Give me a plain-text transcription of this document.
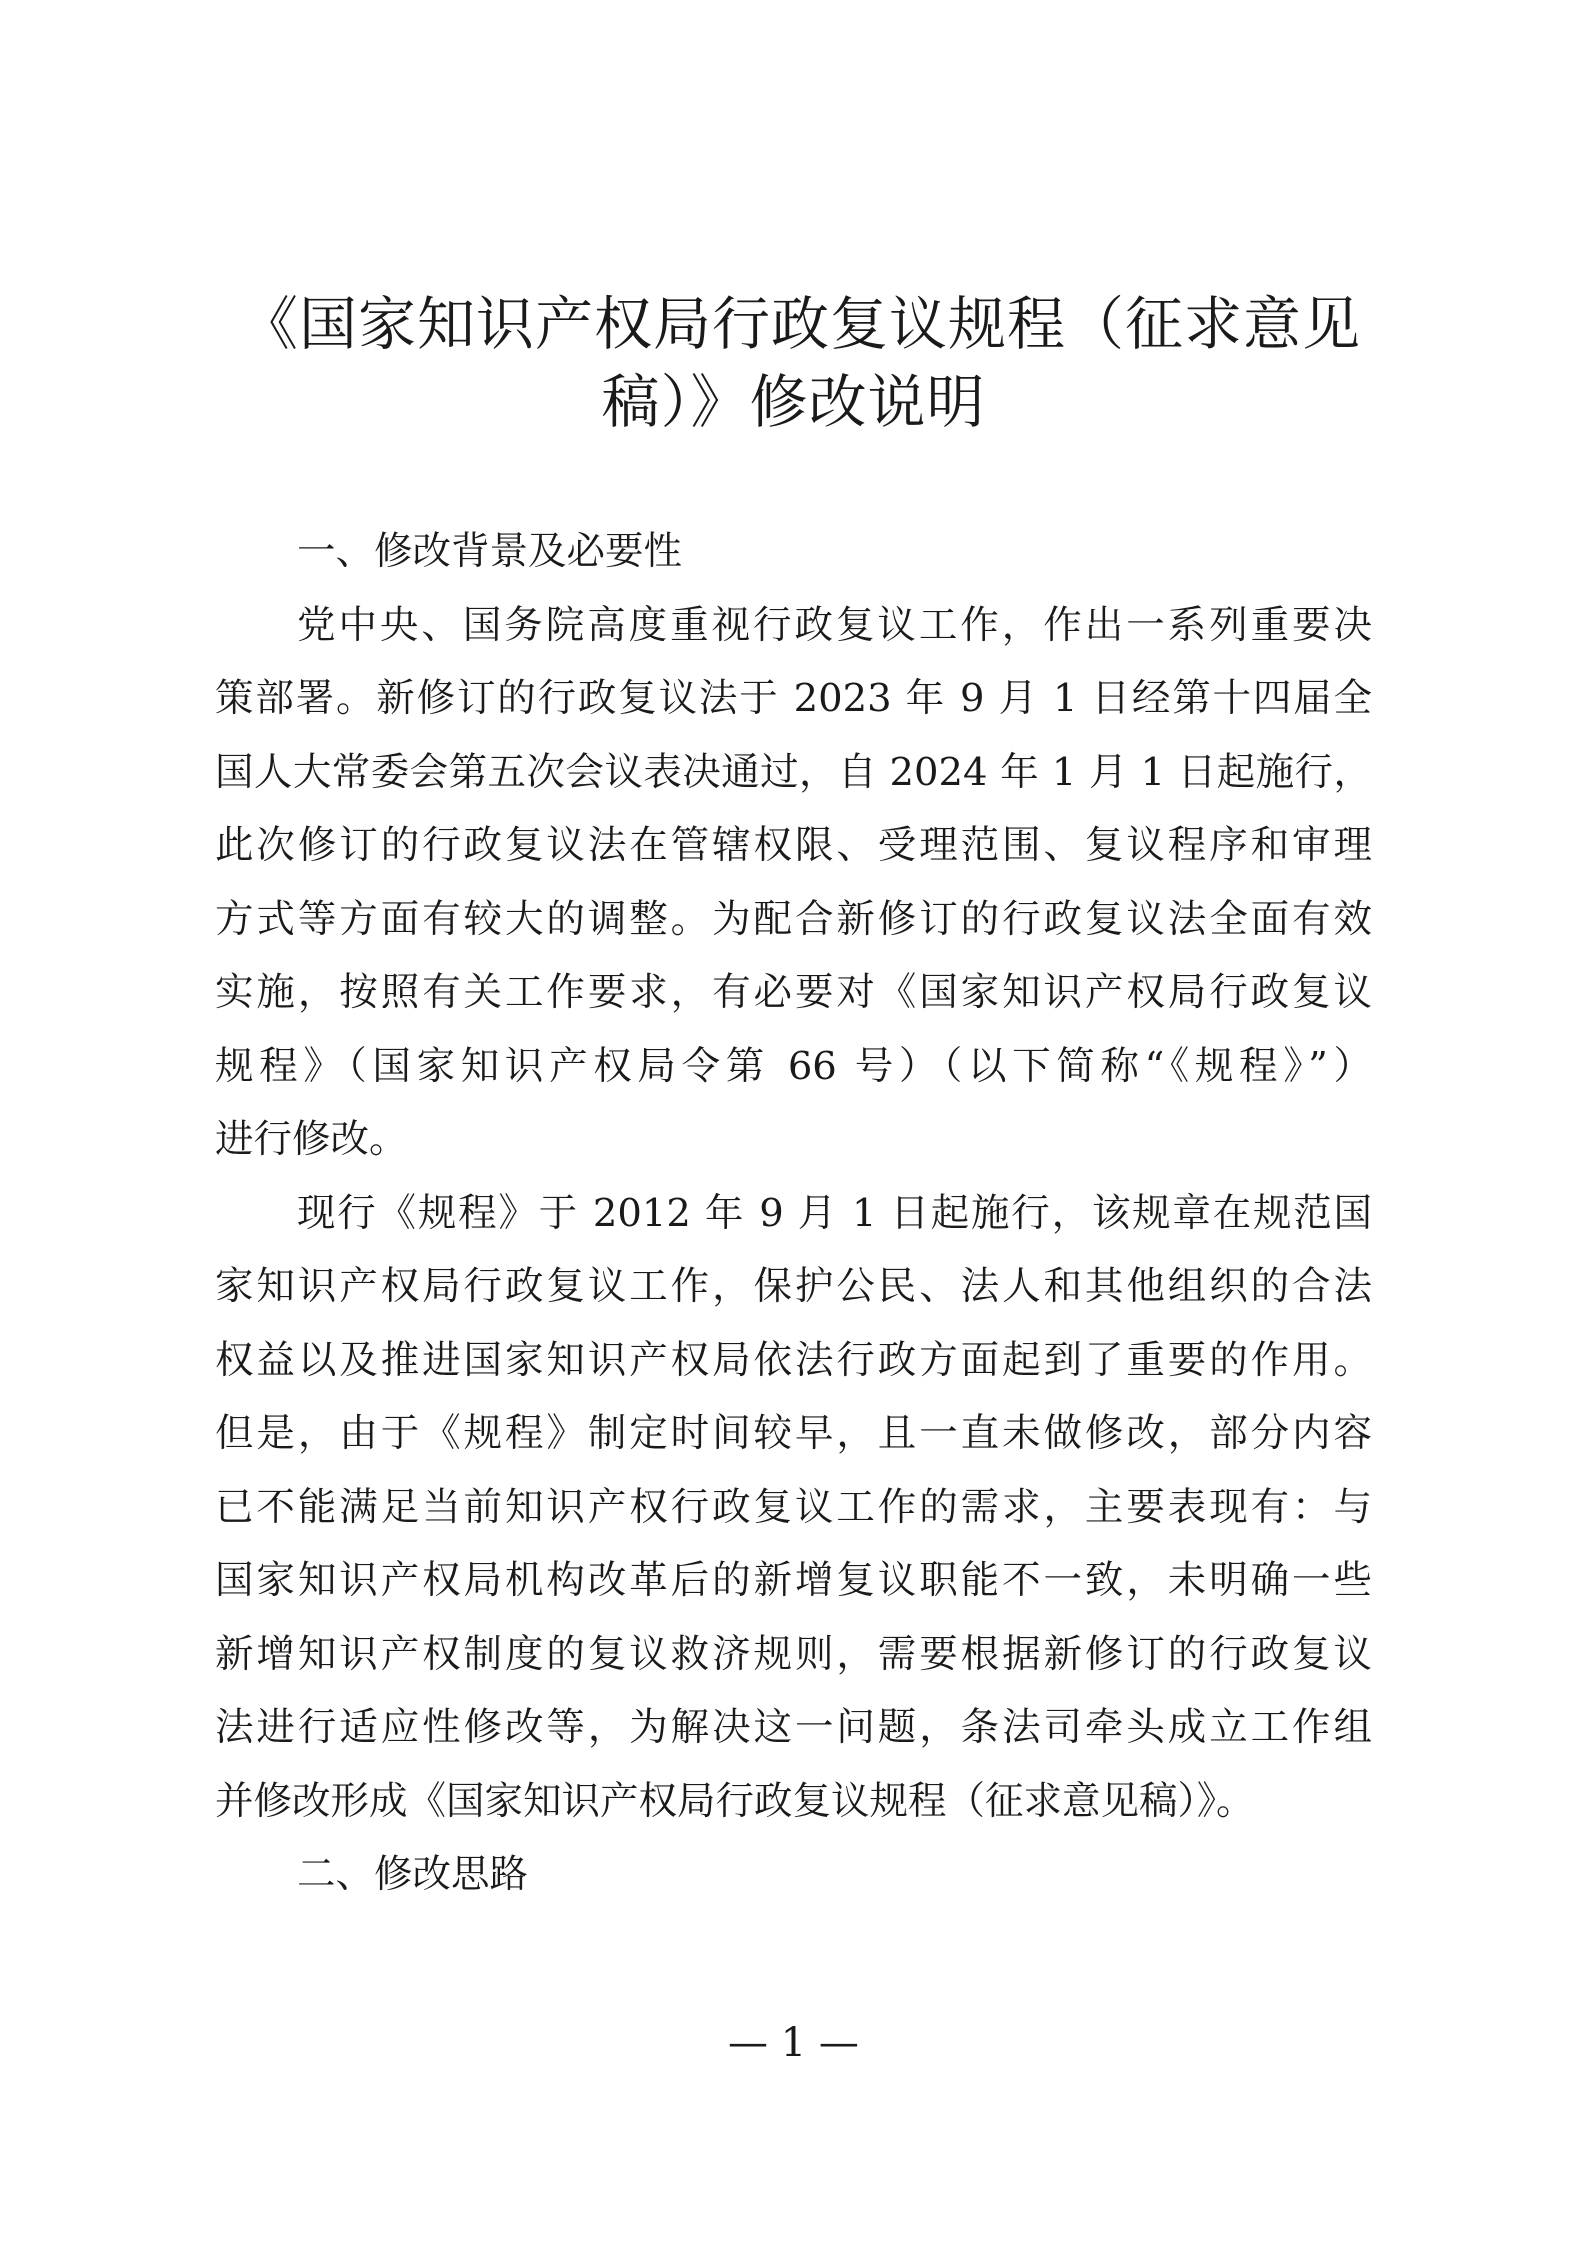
《国家知识产权局行政复议规程（征求意见
稿）》修改说明

一、修改背景及必要性

党中央、国务院高度重视行政复议工作，作出一系列重要决
策部署。新修订的行政复议法于 2023 年 9 月 1 日经第十四届全
国人大常委会第五次会议表决通过，自 2024 年 1 月 1 日起施行，
此次修订的行政复议法在管辖权限、受理范围、复议程序和审理
方式等方面有较大的调整。为配合新修订的行政复议法全面有效
实施，按照有关工作要求，有必要对《国家知识产权局行政复议
规程》（国家知识产权局令第 66 号）（以下简称“《规程》”）
进行修改。
现行《规程》于 2012 年 9 月 1 日起施行，该规章在规范国
家知识产权局行政复议工作，保护公民、法人和其他组织的合法
权益以及推进国家知识产权局依法行政方面起到了重要的作用。
但是，由于《规程》制定时间较早，且一直未做修改，部分内容
已不能满足当前知识产权行政复议工作的需求，主要表现有：与
国家知识产权局机构改革后的新增复议职能不一致，未明确一些
新增知识产权制度的复议救济规则，需要根据新修订的行政复议
法进行适应性修改等，为解决这一问题，条法司牵头成立工作组
并修改形成《国家知识产权局行政复议规程（征求意见稿）》。

二、修改思路

— 1 —
